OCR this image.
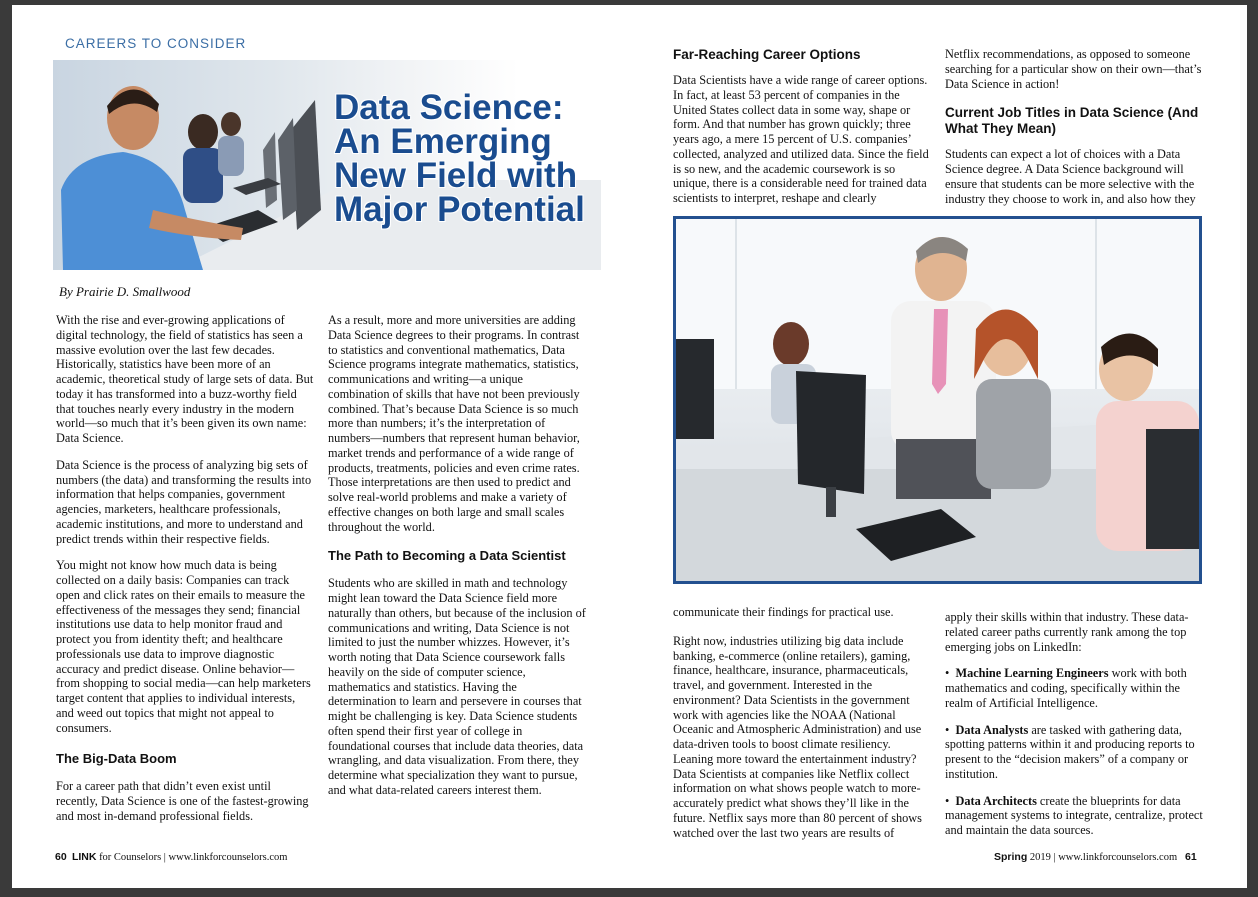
CAREERS TO CONSIDER
Data Science:
An Emerging
New Field with
Major Potential
By Prairie D. Smallwood

With the rise and ever-growing applications of digital technology, the field of statistics has seen a massive evolution over the last few decades. Historically, statistics have been more of an academic, theoretical study of large sets of data. But today it has transformed into a buzz-worthy field that touches nearly every industry in the modern world—so much that it’s been given its own name: Data Science.

Data Science is the process of analyzing big sets of numbers (the data) and transforming the results into information that helps companies, government agencies, marketers, healthcare professionals, academic institutions, and more to understand and predict trends within their respective fields.

You might not know how much data is being collected on a daily basis: Companies can track open and click rates on their emails to measure the effectiveness of the messages they send; financial institutions use data to help monitor fraud and protect you from identity theft; and healthcare professionals use data to improve diagnostic accuracy and predict disease. Online behavior—from shopping to social media—can help marketers target content that applies to individual interests, and weed out topics that might not appeal to consumers.

The Big-Data Boom

For a career path that didn’t even exist until recently, Data Science is one of the fastest-growing and most in-demand professional fields.

As a result, more and more universities are adding Data Science degrees to their programs. In contrast to statistics and conventional mathematics, Data Science programs integrate mathematics, statistics, communications and writing—a unique combination of skills that have not been previously combined. That’s because Data Science is so much more than numbers; it’s the interpretation of numbers—numbers that represent human behavior, market trends and performance of a wide range of products, treatments, policies and even crime rates. Those interpretations are then used to predict and solve real-world problems and make a variety of effective changes on both large and small scales throughout the world.

The Path to Becoming a Data Scientist

Students who are skilled in math and technology might lean toward the Data Science field more naturally than others, but because of the inclusion of communications and writing, Data Science is not limited to just the number whizzes. However, it’s worth noting that Data Science coursework falls heavily on the side of computer science, mathematics and statistics. Having the determination to learn and persevere in courses that might be challenging is key. Data Science students often spend their first year of college in foundational courses that include data theories, data wrangling, and data visualization. From there, they determine what specialization they want to pursue, and what data-related careers interest them.

60 LINK for Counselors | www.linkforcounselors.com
Far-Reaching Career Options

Data Scientists have a wide range of career options. In fact, at least 53 percent of companies in the United States collect data in some way, shape or form. And that number has grown quickly; three years ago, a mere 15 percent of U.S. companies’ collected, analyzed and utilized data. Since the field is so new, and the academic coursework is so unique, there is a considerable need for trained data scientists to interpret, reshape and clearly

Netflix recommendations, as opposed to someone searching for a particular show on their own—that’s Data Science in action!

Current Job Titles in Data Science (And What They Mean)

Students can expect a lot of choices with a Data Science degree. A Data Science background will ensure that students can be more selective with the industry they choose to work in, and also how they

communicate their findings for practical use.

Right now, industries utilizing big data include banking, e-commerce (online retailers), gaming, finance, healthcare, insurance, pharmaceuticals, travel, and government. Interested in the environment? Data Scientists in the government work with agencies like the NOAA (National Oceanic and Atmospheric Administration) and use data-driven tools to boost climate resiliency. Leaning more toward the entertainment industry? Data Scientists at companies like Netflix collect information on what shows people watch to more-accurately predict what shows they’ll like in the future. Netflix says more than 80 percent of shows watched over the last two years are results of

apply their skills within that industry. These data-related career paths currently rank among the top emerging jobs on LinkedIn:

•  Machine Learning Engineers work with both mathematics and coding, specifically within the realm of Artificial Intelligence.
•  Data Analysts are tasked with gathering data, spotting patterns within it and producing reports to present to the “decision makers” of a company or institution.
•  Data Architects create the blueprints for data management systems to integrate, centralize, protect and maintain the data sources.
Spring 2019 | www.linkforcounselors.com 61
